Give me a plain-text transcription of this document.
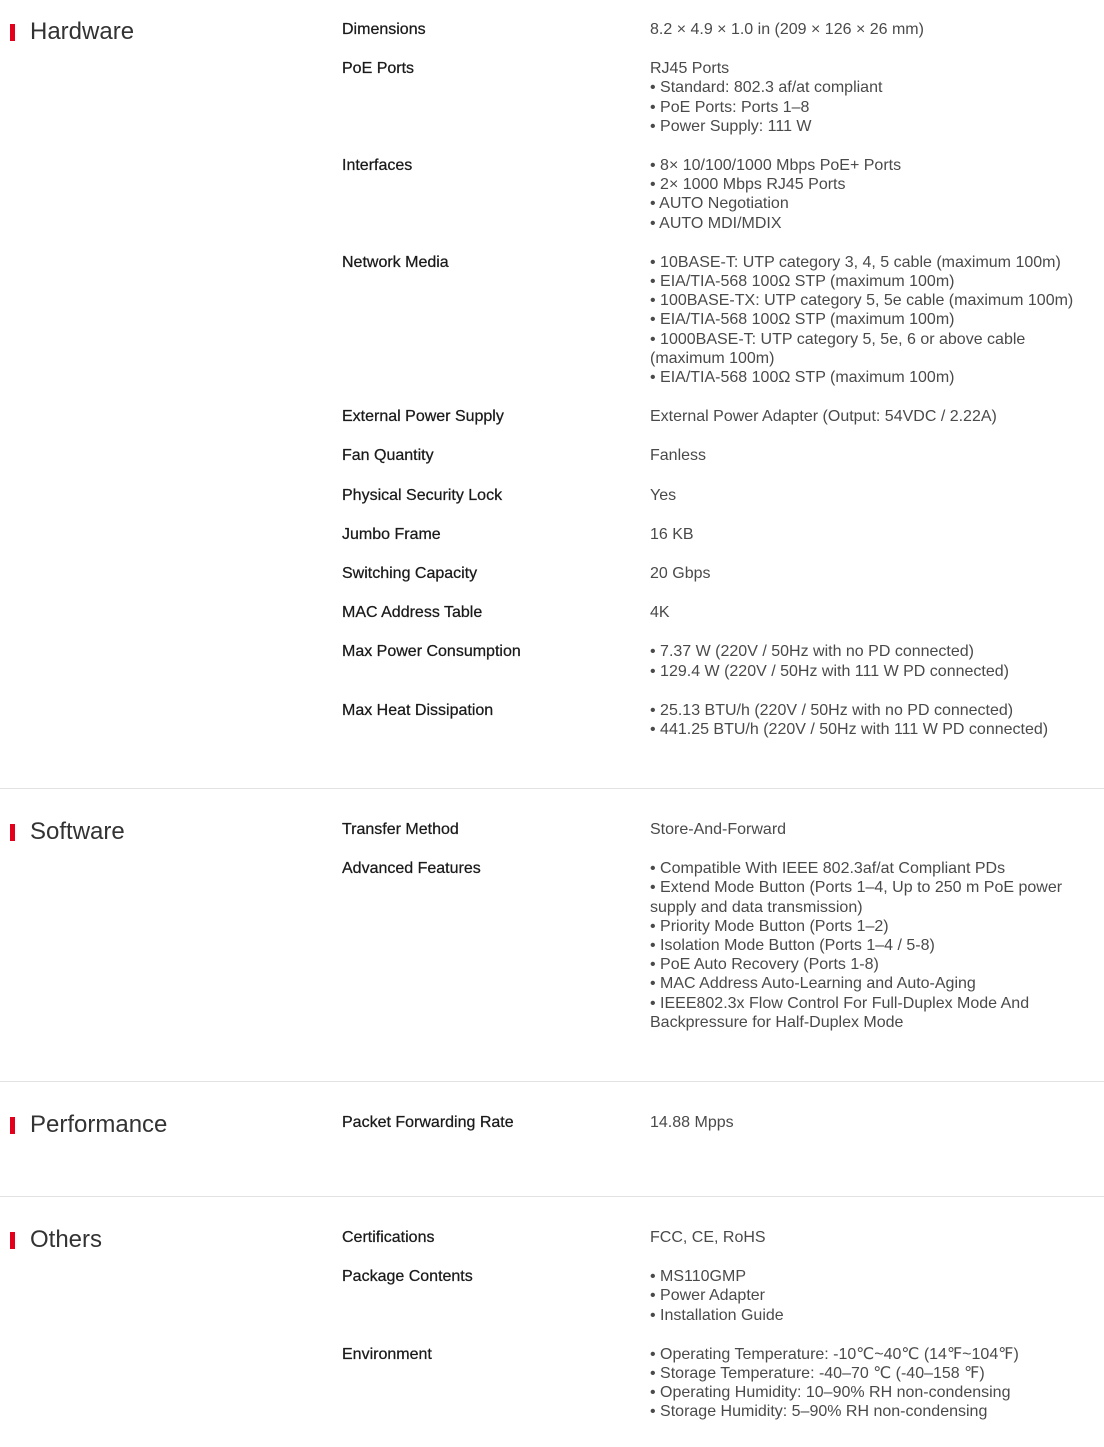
Hardware	Dimensions	8.2 × 4.9 × 1.0 in (209 × 126 × 26 mm)
PoE Ports	RJ45 Ports
• Standard: 802.3 af/at compliant
• PoE Ports: Ports 1–8
• Power Supply: 111 W
Interfaces	• 8× 10/100/1000 Mbps PoE+ Ports
• 2× 1000 Mbps RJ45 Ports
• AUTO Negotiation
• AUTO MDI/MDIX
Network Media	• 10BASE-T: UTP category 3, 4, 5 cable (maximum 100m)
• EIA/TIA-568 100Ω STP (maximum 100m)
• 100BASE-TX: UTP category 5, 5e cable (maximum 100m)
• EIA/TIA-568 100Ω STP (maximum 100m)
• 1000BASE-T: UTP category 5, 5e, 6 or above cable (maximum 100m)
• EIA/TIA-568 100Ω STP (maximum 100m)
External Power Supply	External Power Adapter (Output: 54VDC / 2.22A)
Fan Quantity	Fanless
Physical Security Lock	Yes
Jumbo Frame	16 KB
Switching Capacity	20 Gbps
MAC Address Table	4K
Max Power Consumption	• 7.37 W (220V / 50Hz with no PD connected)
• 129.4 W (220V / 50Hz with 111 W PD connected)
Max Heat Dissipation	• 25.13 BTU/h (220V / 50Hz with no PD connected)
• 441.25 BTU/h (220V / 50Hz with 111 W PD connected)
Software	Transfer Method	Store-And-Forward
Advanced Features	• Compatible With IEEE 802.3af/at Compliant PDs
• Extend Mode Button (Ports 1–4, Up to 250 m PoE power supply and data transmission)
• Priority Mode Button (Ports 1–2)
• Isolation Mode Button (Ports 1–4 / 5-8)
• PoE Auto Recovery (Ports 1-8)
• MAC Address Auto-Learning and Auto-Aging
• IEEE802.3x Flow Control For Full-Duplex Mode And Backpressure for Half-Duplex Mode
Performance	Packet Forwarding Rate	14.88 Mpps
Others	Certifications	FCC, CE, RoHS
Package Contents	• MS110GMP
• Power Adapter
• Installation Guide
Environment	• Operating Temperature: -10℃~40℃ (14℉~104℉)
• Storage Temperature: -40–70 ℃ (-40–158 ℉)
• Operating Humidity: 10–90% RH non-condensing
• Storage Humidity: 5–90% RH non-condensing
